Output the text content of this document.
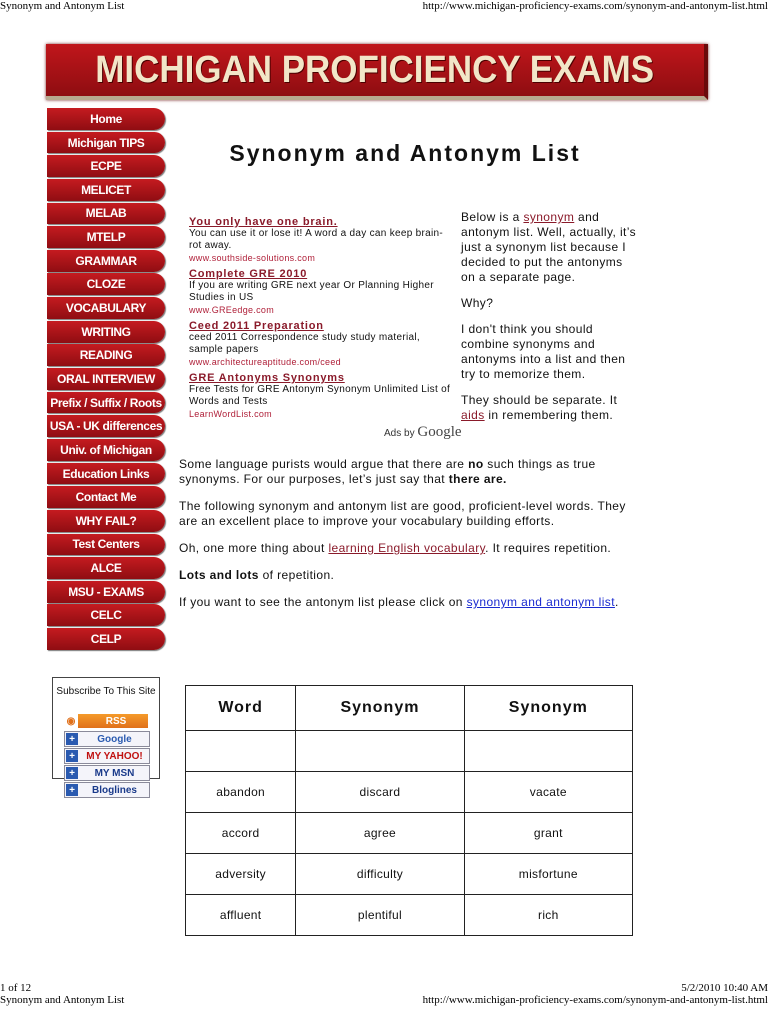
Synonym and Antonym List	http://www.michigan-proficiency-exams.com/synonym-and-antonym-list.html
MICHIGAN PROFICIENCY EXAMS
Home
Michigan TIPS
ECPE
MELICET
MELAB
MTELP
GRAMMAR
CLOZE
VOCABULARY
WRITING
READING
ORAL INTERVIEW
Prefix / Suffix / Roots
USA - UK differences
Univ. of Michigan
Education Links
Contact Me
WHY FAIL?
Test Centers
ALCE
MSU - EXAMS
CELC
CELP
Synonym and Antonym List
You only have one brain.
You can use it or lose it! A word a day can keep brain-rot away.
www.southside-solutions.com
Complete GRE 2010
If you are writing GRE next year Or Planning Higher Studies in US
www.GREedge.com
Ceed 2011 Preparation
ceed 2011 Correspondence study study material, sample papers
www.architectureaptitude.com/ceed
GRE Antonyms Synonyms
Free Tests for GRE Antonym Synonym Unlimited List of Words and Tests
LearnWordList.com
Ads by Google

Below is a synonym and antonym list. Well, actually, it’s just a synonym list because I decided to put the antonyms on a separate page.

Why?

I don't think you should combine synonyms and antonyms into a list and then try to memorize them.

They should be separate. It aids in remembering them.

Some language purists would argue that there are no such things as true synonyms. For our purposes, let’s just say that there are.

The following synonym and antonym list are good, proficient-level words. They are an excellent place to improve your vocabulary building efforts.

Oh, one more thing about learning English vocabulary. It requires repetition.

Lots and lots of repetition.

If you want to see the antonym list please click on synonym and antonym list.

Subscribe To This Site
◉	RSS
+	Google
+	MY YAHOO!
+	MY MSN
+	Bloglines
Word	Synonym	Synonym

abandon	discard	vacate
accord	agree	grant
adversity	difficulty	misfortune
affluent	plentiful	rich
1 of 12	5/2/2010 10:40 AM
Synonym and Antonym List	http://www.michigan-proficiency-exams.com/synonym-and-antonym-list.html
